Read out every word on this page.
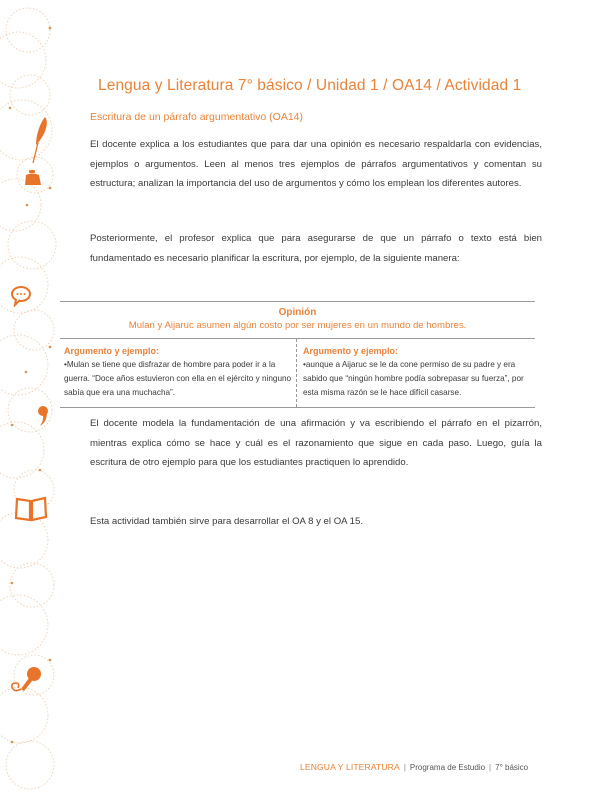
Lengua y Literatura 7° básico / Unidad 1 / OA14 / Actividad 1
Escritura de un párrafo argumentativo (OA14)
El docente explica a los estudiantes que para dar una opinión es necesario respaldarla con evidencias, ejemplos o argumentos. Leen al menos tres ejemplos de párrafos argumentativos y comentan su estructura; analizan la importancia del uso de argumentos y cómo los emplean los diferentes autores.
Posteriormente, el profesor explica que para asegurarse de que un párrafo o texto está bien fundamentado es necesario planificar la escritura, por ejemplo, de la siguiente manera:
Opinión
Mulan y Aijaruc asumen algún costo por ser mujeres en un mundo de hombres.
Argumento y ejemplo:
•Mulan se tiene que disfrazar de hombre para poder ir a la guerra. “Doce años estuvieron con ella en el ejército y ninguno sabía que era una muchacha”.
Argumento y ejemplo:
•aunque a Aijaruc se le da cone permiso de su padre y era sabido que “ningún hombre podía sobrepasar su fuerza”, por esta misma razón se le hace difícil casarse.
El docente modela la fundamentación de una afirmación y va escribiendo el párrafo en el pizarrón, mientras explica cómo se hace y cuál es el razonamiento que sigue en cada paso. Luego, guía la escritura de otro ejemplo para que los estudiantes practiquen lo aprendido.
Esta actividad también sirve para desarrollar el OA 8 y el OA 15.
LENGUA Y LITERATURA | Programa de Estudio | 7° básico
